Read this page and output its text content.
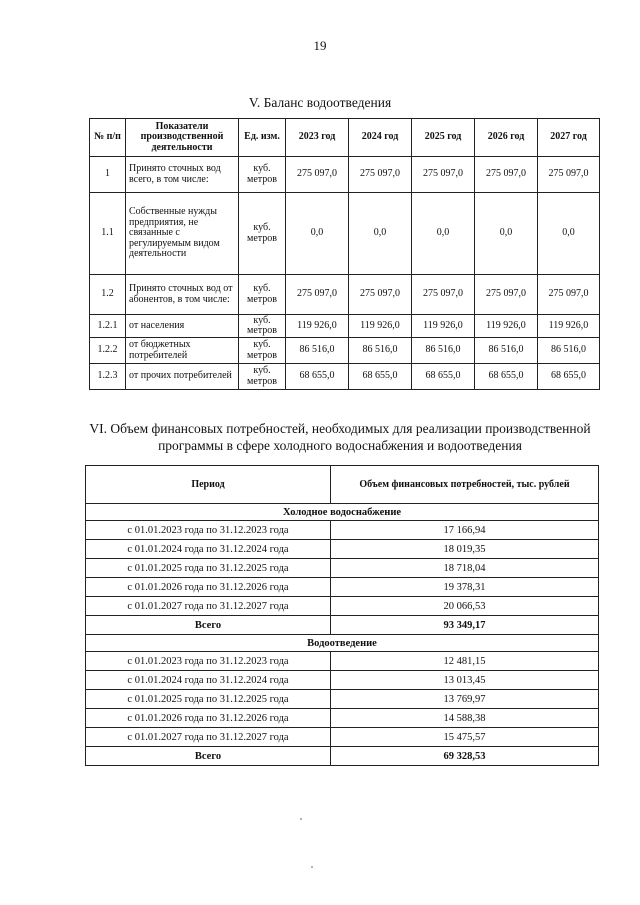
19
V. Баланс водоотведения
№ п/п	Показатели производственной деятельности	Ед. изм.	2023 год	2024 год	2025 год	2026 год	2027 год
1	Принято сточных вод всего, в том числе:	куб. метров	275 097,0	275 097,0	275 097,0	275 097,0	275 097,0
1.1	Собственные нужды предприятия, не связанные с регулируемым видом деятельности	куб. метров	0,0	0,0	0,0	0,0	0,0
1.2	Принято сточных вод от абонентов, в том числе:	куб. метров	275 097,0	275 097,0	275 097,0	275 097,0	275 097,0
1.2.1	от населения	куб. метров	119 926,0	119 926,0	119 926,0	119 926,0	119 926,0
1.2.2	от бюджетных потребителей	куб. метров	86 516,0	86 516,0	86 516,0	86 516,0	86 516,0
1.2.3	от прочих потребителей	куб. метров	68 655,0	68 655,0	68 655,0	68 655,0	68 655,0
VI. Объем финансовых потребностей, необходимых для реализации производственной программы в сфере холодного водоснабжения и водоотведения
Период	Объем финансовых потребностей, тыс. рублей
Холодное водоснабжение	
с 01.01.2023 года по 31.12.2023 года	17 166,94
с 01.01.2024 года по 31.12.2024 года	18 019,35
с 01.01.2025 года по 31.12.2025 года	18 718,04
с 01.01.2026 года по 31.12.2026 года	19 378,31
с 01.01.2027 года по 31.12.2027 года	20 066,53
Всего	93 349,17
Водоотведение	
с 01.01.2023 года по 31.12.2023 года	12 481,15
с 01.01.2024 года по 31.12.2024 года	13 013,45
с 01.01.2025 года по 31.12.2025 года	13 769,97
с 01.01.2026 года по 31.12.2026 года	14 588,38
с 01.01.2027 года по 31.12.2027 года	15 475,57
Всего	69 328,53
